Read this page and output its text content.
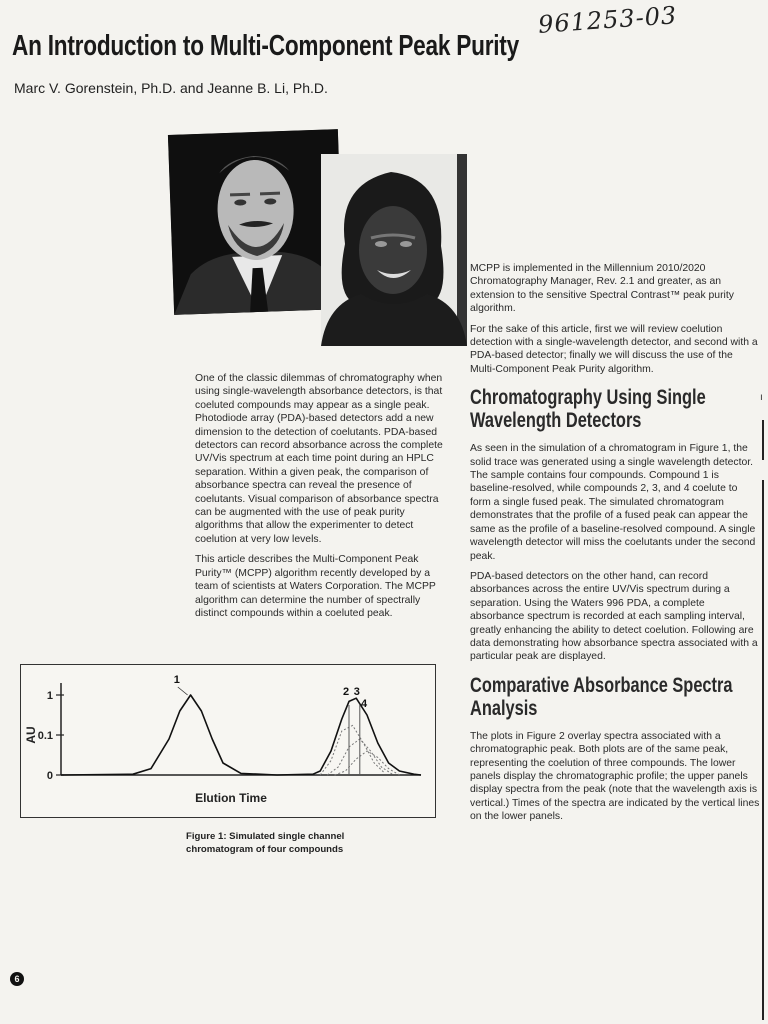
961253-03
An Introduction to Multi-Component Peak Purity
Marc V. Gorenstein, Ph.D. and Jeanne B. Li, Ph.D.

One of the classic dilemmas of chromatography when using single-wavelength absorbance detectors, is that coeluted compounds may appear as a single peak. Photodiode array (PDA)-based detectors add a new dimension to the detection of coelutants. PDA-based detectors can record absorbance across the complete UV/Vis spectrum at each time point during an HPLC separation. Within a given peak, the comparison of absorbance spectra can reveal the presence of coelutants. Visual comparison of absorbance spectra can be augmented with the use of peak purity algorithms that allow the experimenter to detect coelution at very low levels.

This article describes the Multi-Component Peak Purity™ (MCPP) algorithm recently developed by a team of scientists at Waters Corporation. The MCPP algorithm can determine the number of spectrally distinct compounds within a coeluted peak.

MCPP is implemented in the Millennium 2010/2020 Chromatography Manager, Rev. 2.1 and greater, as an extension to the sensitive Spectral Contrast™ peak purity algorithm.

For the sake of this article, first we will review coelution detection with a single-wavelength detector, and second with a PDA-based detector; finally we will discuss the use of the Multi-Component Peak Purity algorithm.

Chromatography Using Single Wavelength Detectors

As seen in the simulation of a chromatogram in Figure 1, the solid trace was generated using a single wavelength detector. The sample contains four compounds. Compound 1 is baseline-resolved, while compounds 2, 3, and 4 coelute to form a single fused peak. The simulated chromatogram demonstrates that the profile of a fused peak can appear the same as the profile of a baseline-resolved compound. A single wavelength detector will miss the coelutants under the second peak.

PDA-based detectors on the other hand, can record absorbances across the entire UV/Vis spectrum during a separation. Using the Waters 996 PDA, a complete absorbance spectrum is recorded at each sampling interval, greatly enhancing the ability to detect coelution. Following are data demonstrating how absorbance spectra associated with a particular peak are displayed.

Comparative Absorbance Spectra Analysis

The plots in Figure 2 overlay spectra associated with a chromatographic peak. Both plots are of the same peak, representing the coelution of three compounds. The lower panels display the chromatographic profile; the upper panels display spectra from the peak (note that the wavelength axis is vertical.) Times of the spectra are indicated by the vertical lines on the lower panels.

AU
0
0.1
1
1
2 3
4
Elution Time
Figure 1: Simulated single channel chromatogram of four compounds
6
ı
